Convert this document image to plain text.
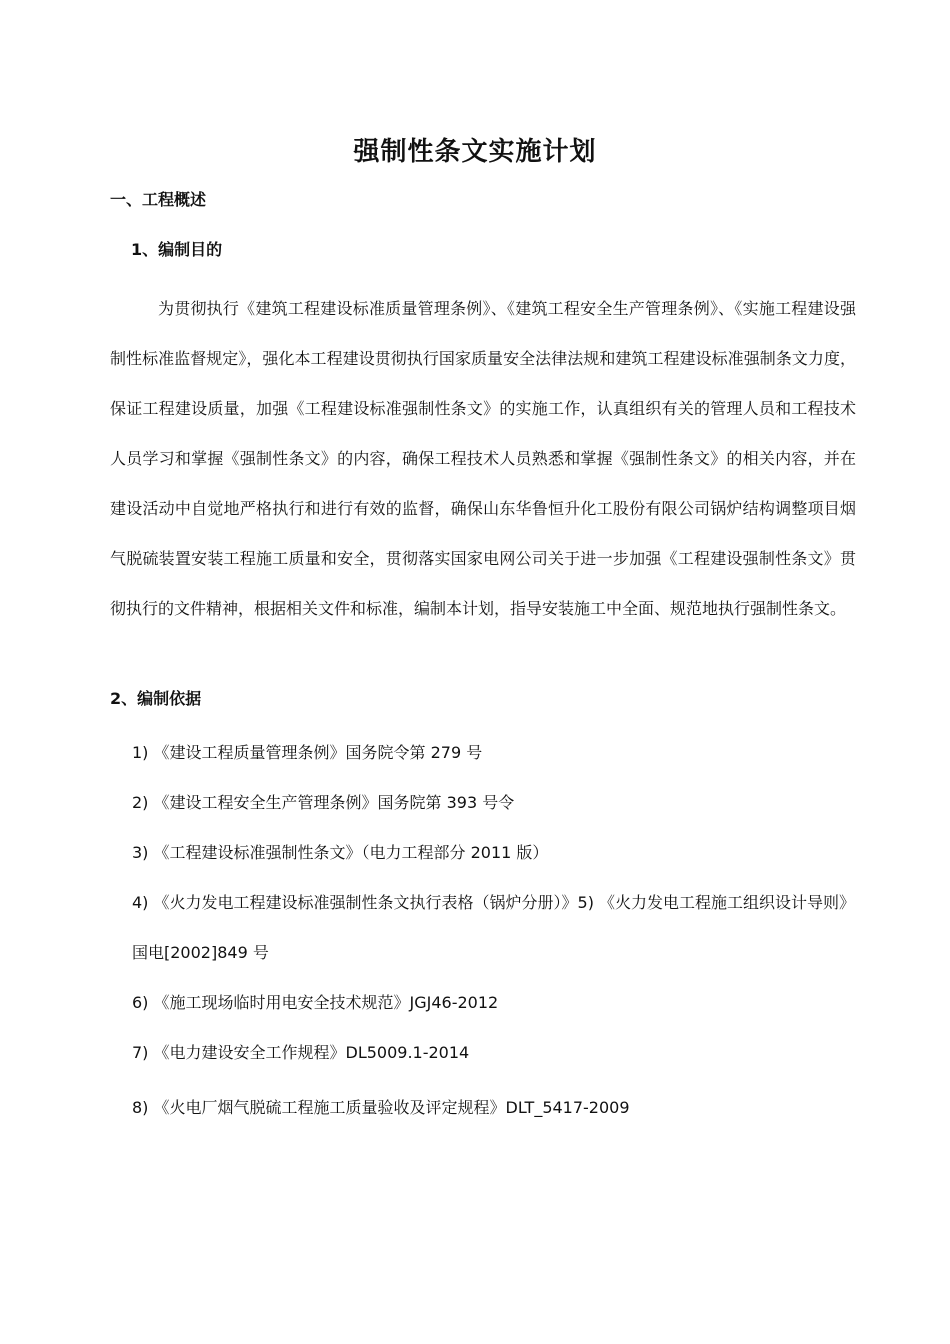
强制性条文实施计划
一、工程概述
1、编制目的

为贯彻执行《建筑工程建设标准质量管理条例》、《建筑工程安全生产管理条例》、《实施工程建设强制性标准监督规定》，强化本工程建设贯彻执行国家质量安全法律法规和建筑工程建设标准强制条文力度，保证工程建设质量，加强《工程建设标准强制性条文》的实施工作，认真组织有关的管理人员和工程技术人员学习和掌握《强制性条文》的内容，确保工程技术人员熟悉和掌握《强制性条文》的相关内容，并在建设活动中自觉地严格执行和进行有效的监督，确保山东华鲁恒升化工股份有限公司锅炉结构调整项目烟气脱硫装置安装工程施工质量和安全，贯彻落实国家电网公司关于进一步加强《工程建设强制性条文》贯彻执行的文件精神，根据相关文件和标准，编制本计划，指导安装施工中全面、规范地执行强制性条文。

2、编制依据
1) 《建设工程质量管理条例》国务院令第 279 号
2) 《建设工程安全生产管理条例》国务院第 393 号令
3) 《工程建设标准强制性条文》（电力工程部分 2011 版）
4) 《火力发电工程建设标准强制性条文执行表格（锅炉分册）》5) 《火力发电工程施工组织设计导则》国电[2002]849 号
6) 《施工现场临时用电安全技术规范》JGJ46-2012
7) 《电力建设安全工作规程》DL5009.1-2014
8) 《火电厂烟气脱硫工程施工质量验收及评定规程》DLT_5417-2009
